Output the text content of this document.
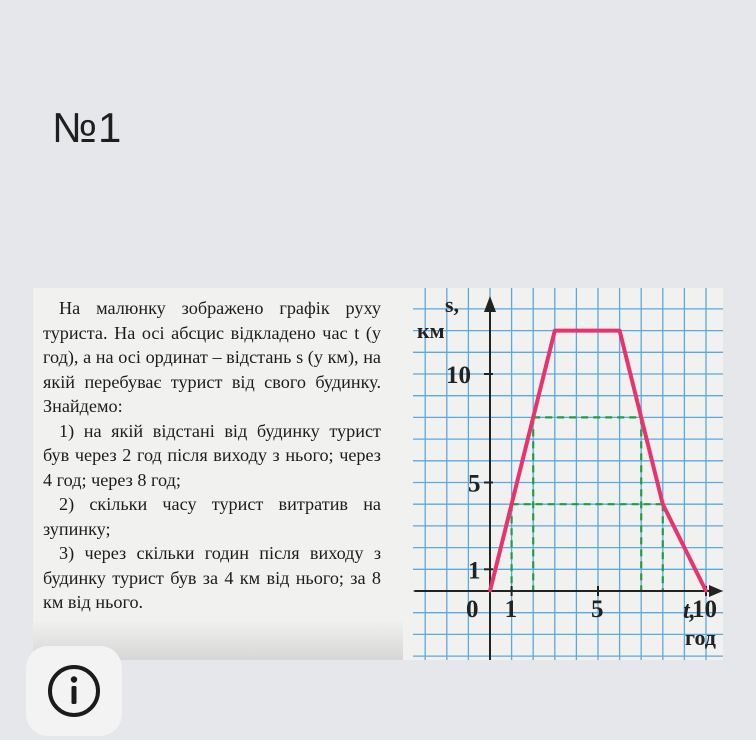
№1

На малюнку зображено графік руху туриста. На осі абсцис відкладено час t (у год), а на осі ординат – відстань s (у км), на якій перебуває турист від свого будинку. Знайдемо:

1) на якій відстані від будинку турист був через 2 год після виходу з нього; через 4 год; через 8 год;

2) скільки часу турист витратив на зупинку;

3) через скільки годин після виходу з будинку турист був за 4 км від нього; за 8 км від нього.	0 1	5	10
1
5
10
s,
км
t,
год
